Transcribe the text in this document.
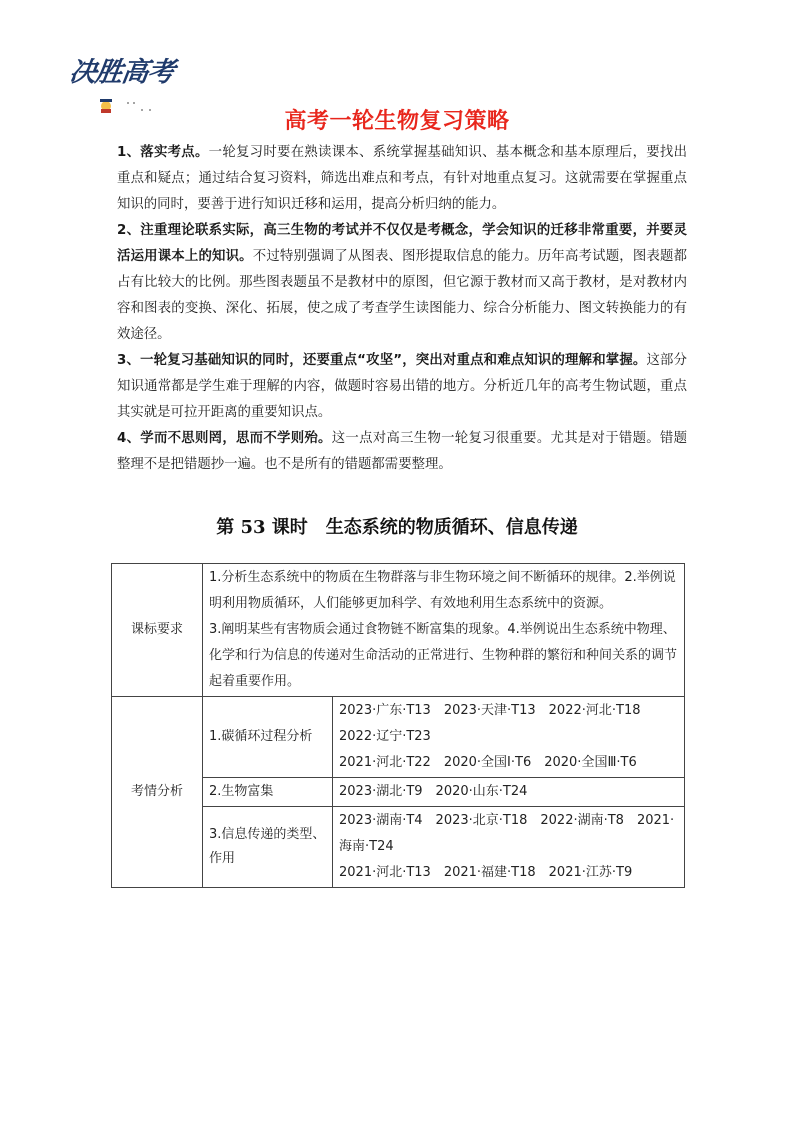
决胜高考
高考一轮生物复习策略

1、落实考点。一轮复习时要在熟读课本、系统掌握基础知识、基本概念和基本原理后，要找出重点和疑点；通过结合复习资料，筛选出难点和考点，有针对地重点复习。这就需要在掌握重点知识的同时，要善于进行知识迁移和运用，提高分析归纳的能力。

2、注重理论联系实际，高三生物的考试并不仅仅是考概念，学会知识的迁移非常重要，并要灵活运用课本上的知识。不过特别强调了从图表、图形提取信息的能力。历年高考试题，图表题都占有比较大的比例。那些图表题虽不是教材中的原图，但它源于教材而又高于教材，是对教材内容和图表的变换、深化、拓展，使之成了考查学生读图能力、综合分析能力、图文转换能力的有效途径。

3、一轮复习基础知识的同时，还要重点“攻坚”，突出对重点和难点知识的理解和掌握。这部分知识通常都是学生难于理解的内容，做题时容易出错的地方。分析近几年的高考生物试题，重点其实就是可拉开距离的重要知识点。

4、学而不思则罔，思而不学则殆。这一点对高三生物一轮复习很重要。尤其是对于错题。错题整理不是把错题抄一遍。也不是所有的错题都需要整理。

第 53 课时　生态系统的物质循环、信息传递
课标要求	1.分析生态系统中的物质在生物群落与非生物环境之间不断循环的规律。2.举例说明利用物质循环，人们能够更加科学、有效地利用生态系统中的资源。
3.阐明某些有害物质会通过食物链不断富集的现象。4.举例说出生态系统中物理、化学和行为信息的传递对生命活动的正常进行、生物种群的繁衍和种间关系的调节起着重要作用。	

考情分析	1.碳循环过程分析	2023·广东·T13　2023·天津·T13　2022·河北·T18
2022·辽宁·T23
2021·河北·T22　2020·全国Ⅰ·T6　2020·全国Ⅲ·T6

	2.生物富集	2023·湖北·T9　2020·山东·T24

	3.信息传递的类型、作用	2023·湖南·T4　2023·北京·T18　2022·湖南·T8　2021·海南·T24
2021·河北·T13　2021·福建·T18　2021·江苏·T9
